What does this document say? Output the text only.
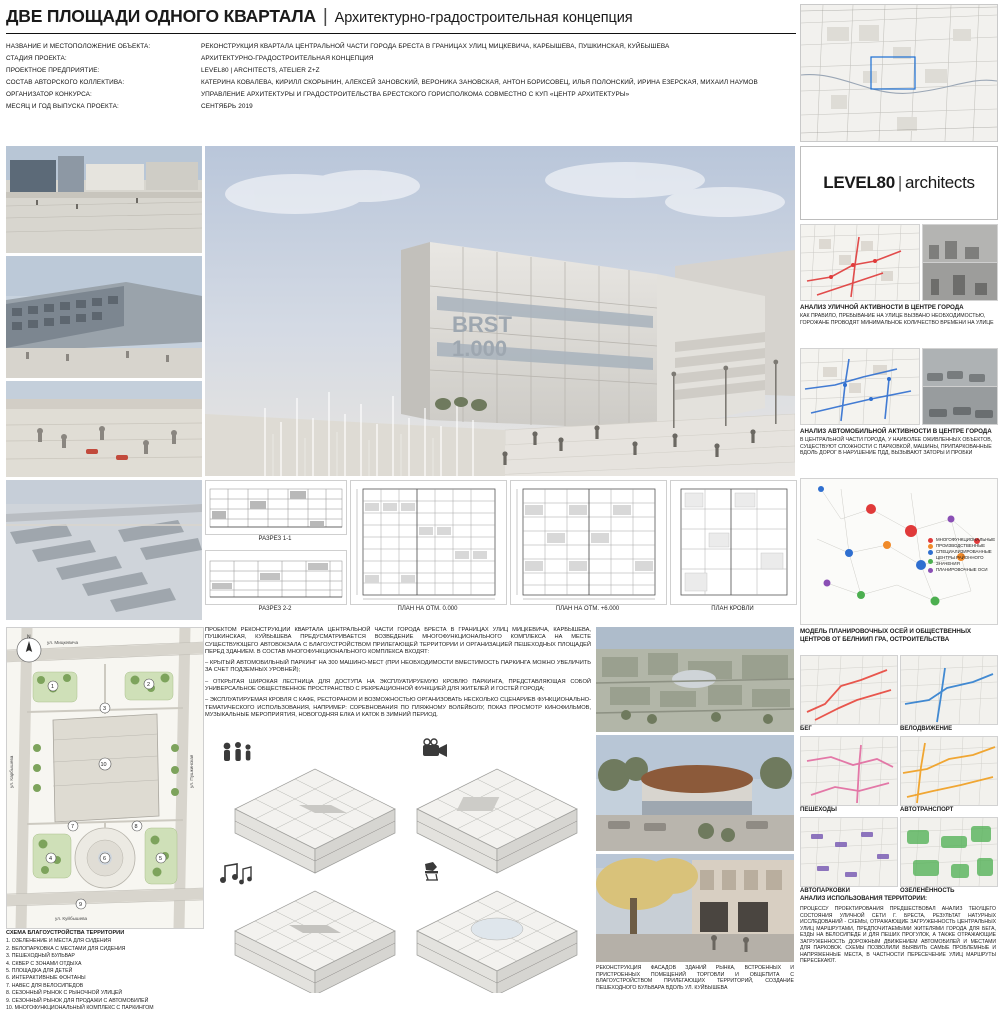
ДВЕ ПЛОЩАДИ ОДНОГО КВАРТАЛА | Архитектурно-градостроительная концепция
НАЗВАНИЕ И МЕСТОПОЛОЖЕНИЕ ОБЪЕКТА:	РЕКОНСТРУКЦИЯ КВАРТАЛА ЦЕНТРАЛЬНОЙ ЧАСТИ ГОРОДА БРЕСТА В ГРАНИЦАХ УЛИЦ МИЦКЕВИЧА, КАРБЫШЕВА, ПУШКИНСКАЯ, КУЙБЫШЕВА
СТАДИЯ ПРОЕКТА:	АРХИТЕКТУРНО-ГРАДОСТРОИТЕЛЬНАЯ КОНЦЕПЦИЯ
ПРОЕКТНОЕ ПРЕДПРИЯТИЕ:	LEVEL80 | ARCHITECTS, ATELIER Z+Z
СОСТАВ АВТОРСКОГО КОЛЛЕКТИВА:	КАТЕРИНА КОВАЛЕВА, КИРИЛЛ СКОРЫНИН, АЛЕКСЕЙ ЗАНОВСКИЙ, ВЕРОНИКА ЗАНОВСКАЯ, АНТОН БОРИСОВЕЦ, ИЛЬЯ ПОЛОНСКИЙ, ИРИНА ЕЗЕРСКАЯ, МИХАИЛ НАУМОВ
ОРГАНИЗАТОР КОНКУРСА:	УПРАВЛЕНИЕ АРХИТЕКТУРЫ И ГРАДОСТРОИТЕЛЬСТВА БРЕСТСКОГО ГОРИСПОЛКОМА СОВМЕСТНО С КУП «ЦЕНТР АРХИТЕКТУРЫ»
МЕСЯЦ И ГОД ВЫПУСКА ПРОЕКТА:	СЕНТЯБРЬ 2019
BRST
1.000
LEVEL80 | architects
АНАЛИЗ УЛИЧНОЙ АКТИВНОСТИ В ЦЕНТРЕ ГОРОДА

КАК ПРАВИЛО, ПРЕБЫВАНИЕ НА УЛИЦЕ ВЫЗВАНО НЕОБХОДИМОСТЬЮ, ГОРОЖАНЕ ПРОВОДЯТ МИНИМАЛЬНОЕ КОЛИЧЕСТВО ВРЕМЕНИ НА УЛИЦЕ

АНАЛИЗ АВТОМОБИЛЬНОЙ АКТИВНОСТИ В ЦЕНТРЕ ГОРОДА

В ЦЕНТРАЛЬНОЙ ЧАСТИ ГОРОДА, У НАИБОЛЕЕ ОЖИВЛЕННЫХ ОБЪЕКТОВ, СУЩЕСТВУЮТ СЛОЖНОСТИ С ПАРКОВКОЙ, МАШИНЫ, ПРИПАРКОВАННЫЕ ВДОЛЬ ДОРОГ В НАРУШЕНИЕ ПДД, ВЫЗЫВАЮТ ЗАТОРЫ И ПРОБКИ

МНОГОФУНКЦИОНАЛЬНЫЕ
ПРОИЗВОДСТВЕННЫЕ
СПЕЦИАЛИЗИРОВАННЫЕ
ЦЕНТРЫ РАЙОННОГО ЗНАЧЕНИЯ
ПЛАНИРОВОЧНЫЕ ОСИ
МОДЕЛЬ ПЛАНИРОВОЧНЫХ ОСЕЙ И ОБЩЕСТВЕННЫХ ЦЕНТРОВ ОТ БЕЛНИИП ГРА, ОСТРОИТЕЛЬСТВА
РАЗРЕЗ 1-1
РАЗРЕЗ 2-2	ПЛАН НА ОТМ. 0.000	ПЛАН НА ОТМ. +6.000	ПЛАН КРОВЛИ

ПРОЕКТОМ РЕКОНСТРУКЦИИ КВАРТАЛА ЦЕНТРАЛЬНОЙ ЧАСТИ ГОРОДА БРЕСТА В ГРАНИЦАХ УЛИЦ МИЦКЕВИЧА, КАРБЫШЕВА, ПУШКИНСКАЯ, КУЙБЫШЕВА ПРЕДУСМАТРИВАЕТСЯ ВОЗВЕДЕНИЕ МНОГОФУНКЦИОНАЛЬНОГО КОМПЛЕКСА НА МЕСТЕ СУЩЕСТВУЮЩЕГО АВТОВОКЗАЛА С БЛАГОУСТРОЙСТВОМ ПРИЛЕГАЮЩЕЙ ТЕРРИТОРИИ И ОРГАНИЗАЦИЕЙ ПЕШЕХОДНЫХ ПЛОЩАДЕЙ ПЕРЕД ЗДАНИЕМ. В СОСТАВ МНОГОФУНКЦИОНАЛЬНОГО КОМПЛЕКСА ВХОДЯТ:

– КРЫТЫЙ АВТОМОБИЛЬНЫЙ ПАРКИНГ НА 300 МАШИНО-МЕСТ (ПРИ НЕОБХОДИМОСТИ ВМЕСТИМОСТЬ ПАРКИНГА МОЖНО УВЕЛИЧИТЬ ЗА СЧЕТ ПОДЗЕМНЫХ УРОВНЕЙ);

– ОТКРЫТАЯ ШИРОКАЯ ЛЕСТНИЦА ДЛЯ ДОСТУПА НА ЭКСПЛУАТИРУЕМУЮ КРОВЛЮ ПАРКИНГА, ПРЕДСТАВЛЯЮЩАЯ СОБОЙ УНИВЕРСАЛЬНОЕ ОБЩЕСТВЕННОЕ ПРОСТРАНСТВО С РЕКРЕАЦИОННОЙ ФУНКЦИЕЙ ДЛЯ ЖИТЕЛЕЙ И ГОСТЕЙ ГОРОДА;

– ЭКСПЛУАТИРУЕМАЯ КРОВЛЯ С КАФЕ, РЕСТОРАНОМ И ВОЗМОЖНОСТЬЮ ОРГАНИЗОВАТЬ НЕСКОЛЬКО СЦЕНАРИЕВ ФУНКЦИОНАЛЬНО-ТЕМАТИЧЕСКОГО ИСПОЛЬЗОВАНИЯ, НАПРИМЕР: СОРЕВНОВАНИЯ ПО ПЛЯЖНОМУ ВОЛЕЙБОЛУ, ПОКАЗ ПРОСМОТР КИНОФИЛЬМОВ, МУЗЫКАЛЬНЫЕ МЕРОПРИЯТИЯ, НОВОГОДНЯЯ ЕЛКА И КАТОК В ЗИМНИЙ ПЕРИОД.

1	2
3
4	5
6
7	8
9
10
N
ул. Мицкевича
ул. Карбышева	ул. Пушкинская
ул. Куйбышева
СХЕМА БЛАГОУСТРОЙСТВА ТЕРРИТОРИИ
1. ОЗЕЛЕНЕНИЕ И МЕСТА ДЛЯ СИДЕНИЯ
2. ВЕЛОПАРКОВКА С МЕСТАМИ ДЛЯ СИДЕНИЯ
3. ПЕШЕХОДНЫЙ БУЛЬВАР
4. СКВЕР С ЗОНАМИ ОТДЫХА
5. ПЛОЩАДКА ДЛЯ ДЕТЕЙ
6. ИНТЕРАКТИВНЫЕ ФОНТАНЫ
7. НАВЕС ДЛЯ ВЕЛОСИПЕДОВ
8. СЕЗОННЫЙ РЫНОК С РЫНОЧНОЙ УЛИЦЕЙ
9. СЕЗОННЫЙ РЫНОК ДЛЯ ПРОДАЖИ С АВТОМОБИЛЕЙ
10. МНОГОФУНКЦИОНАЛЬНЫЙ КОМПЛЕКС С ПАРКИНГОМ
РЕКОНСТРУКЦИЯ ФАСАДОВ ЗДАНИЙ РЫНКА, ВСТРОЕННЫХ И ПРИСТРОЕННЫХ ПОМЕЩЕНИЙ ТОРГОВЛИ И ОБЩЕПИТА С БЛАГОУСТРОЙСТВОМ ПРИЛЕГАЮЩИХ ТЕРРИТОРИЙ, СОЗДАНИЕ ПЕШЕХОДНОГО БУЛЬВАРА ВДОЛЬ УЛ. КУЙБЫШЕВА
БЕГ	ВЕЛОДВИЖЕНИЕ
ПЕШЕХОДЫ	АВТОТРАНСПОРТ
АВТОПАРКОВКИ	ОЗЕЛЕНЁННОСТЬ
АНАЛИЗ ИСПОЛЬЗОВАНИЯ ТЕРРИТОРИИ:
ПРОЦЕССУ ПРОЕКТИРОВАНИЯ ПРЕДШЕСТВОВАЛ АНАЛИЗ ТЕКУЩЕГО СОСТОЯНИЯ УЛИЧНОЙ СЕТИ Г. БРЕСТА, РЕЗУЛЬТАТ НАТУРНЫХ ИССЛЕДОВАНИЙ - СХЕМЫ, ОТРАЖАЮЩИЕ ЗАГРУЖЕННОСТЬ ЦЕНТРАЛЬНЫХ УЛИЦ МАРШРУТАМИ, ПРЕДПОЧИТАЕМЫМИ ЖИТЕЛЯМИ ГОРОДА ДЛЯ БЕГА, ЕЗДЫ НА ВЕЛОСИПЕДЕ И ДЛЯ ПЕШИХ ПРОГУЛОК, А ТАКЖЕ ОТРАЖАЮЩИЕ ЗАГРУЖЕННОСТЬ ДОРОЖНЫМ ДВИЖЕНИЕМ АВТОМОБИЛЕЙ И МЕСТАМИ ДЛЯ ПАРКОВОК. СХЕМЫ ПОЗВОЛИЛИ ВЫЯВИТЬ САМЫЕ ПРОБЛЕМНЫЕ И НАПРЯЖЕННЫЕ МЕСТА, В ЧАСТНОСТИ ПЕРЕСЕЧЕНИЕ УЛИЦ МАРШРУТЫ ПЕРЕСЕКАЮТ.
